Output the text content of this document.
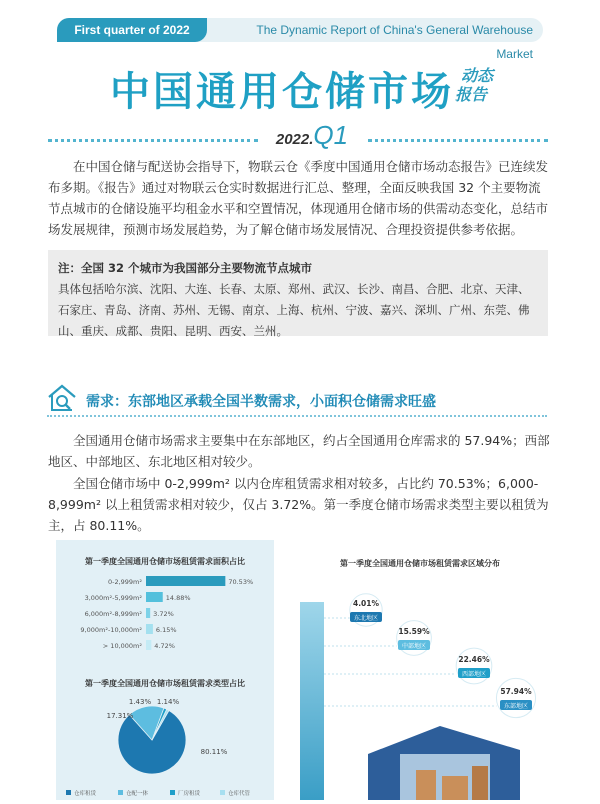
First quarter of 2022	The Dynamic Report of China's General Warehouse Market
中国通用仓储市场 动态
报告
2022.Q1
在中国仓储与配送协会指导下，物联云仓《季度中国通用仓储市场动态报告》已连续发布多期。《报告》通过对物联云仓实时数据进行汇总、整理，全面反映我国 32 个主要物流节点城市的仓储设施平均租金水平和空置情况，体现通用仓储市场的供需动态变化，总结市场发展规律，预测市场发展趋势，为了解仓储市场发展情况、合理投资提供参考依据。
注：全国 32 个城市为我国部分主要物流节点城市
具体包括哈尔滨、沈阳、大连、长春、太原、郑州、武汉、长沙、南昌、合肥、北京、天津、石家庄、青岛、济南、苏州、无锡、南京、上海、杭州、宁波、嘉兴、深圳、广州、东莞、佛山、重庆、成都、贵阳、昆明、西安、兰州。
需求：东部地区承载全国半数需求，小面积仓储需求旺盛
全国通用仓储市场需求主要集中在东部地区，约占全国通用仓库需求的 57.94%；西部地区、中部地区、东北地区相对较少。
全国仓储市场中 0-2,999m² 以内仓库租赁需求相对较多，占比约 70.53%；6,000-8,999m² 以上租赁需求相对较少，仅占 3.72%。第一季度仓储市场需求类型主要以租赁为主，占 80.11%。
第一季度全国通用仓储市场租赁需求面积占比
0-2,999m²	70.53%
3,000m²-5,999m²	14.88%
6,000m²-8,999m² 3.72%
9,000m²-10,000m² 6.15%
> 10,000m² 4.72%
第一季度全国通用仓储市场租赁需求类型占比
80.11%
17.31%
1.43% 1.14%
仓库租赁	仓配一体	厂房租赁	仓库代管
第一季度全国通用仓储市场租赁需求区域分布
4.01%
东北地区
15.59%
中部地区
22.46%
西部地区
57.94%
东部地区
